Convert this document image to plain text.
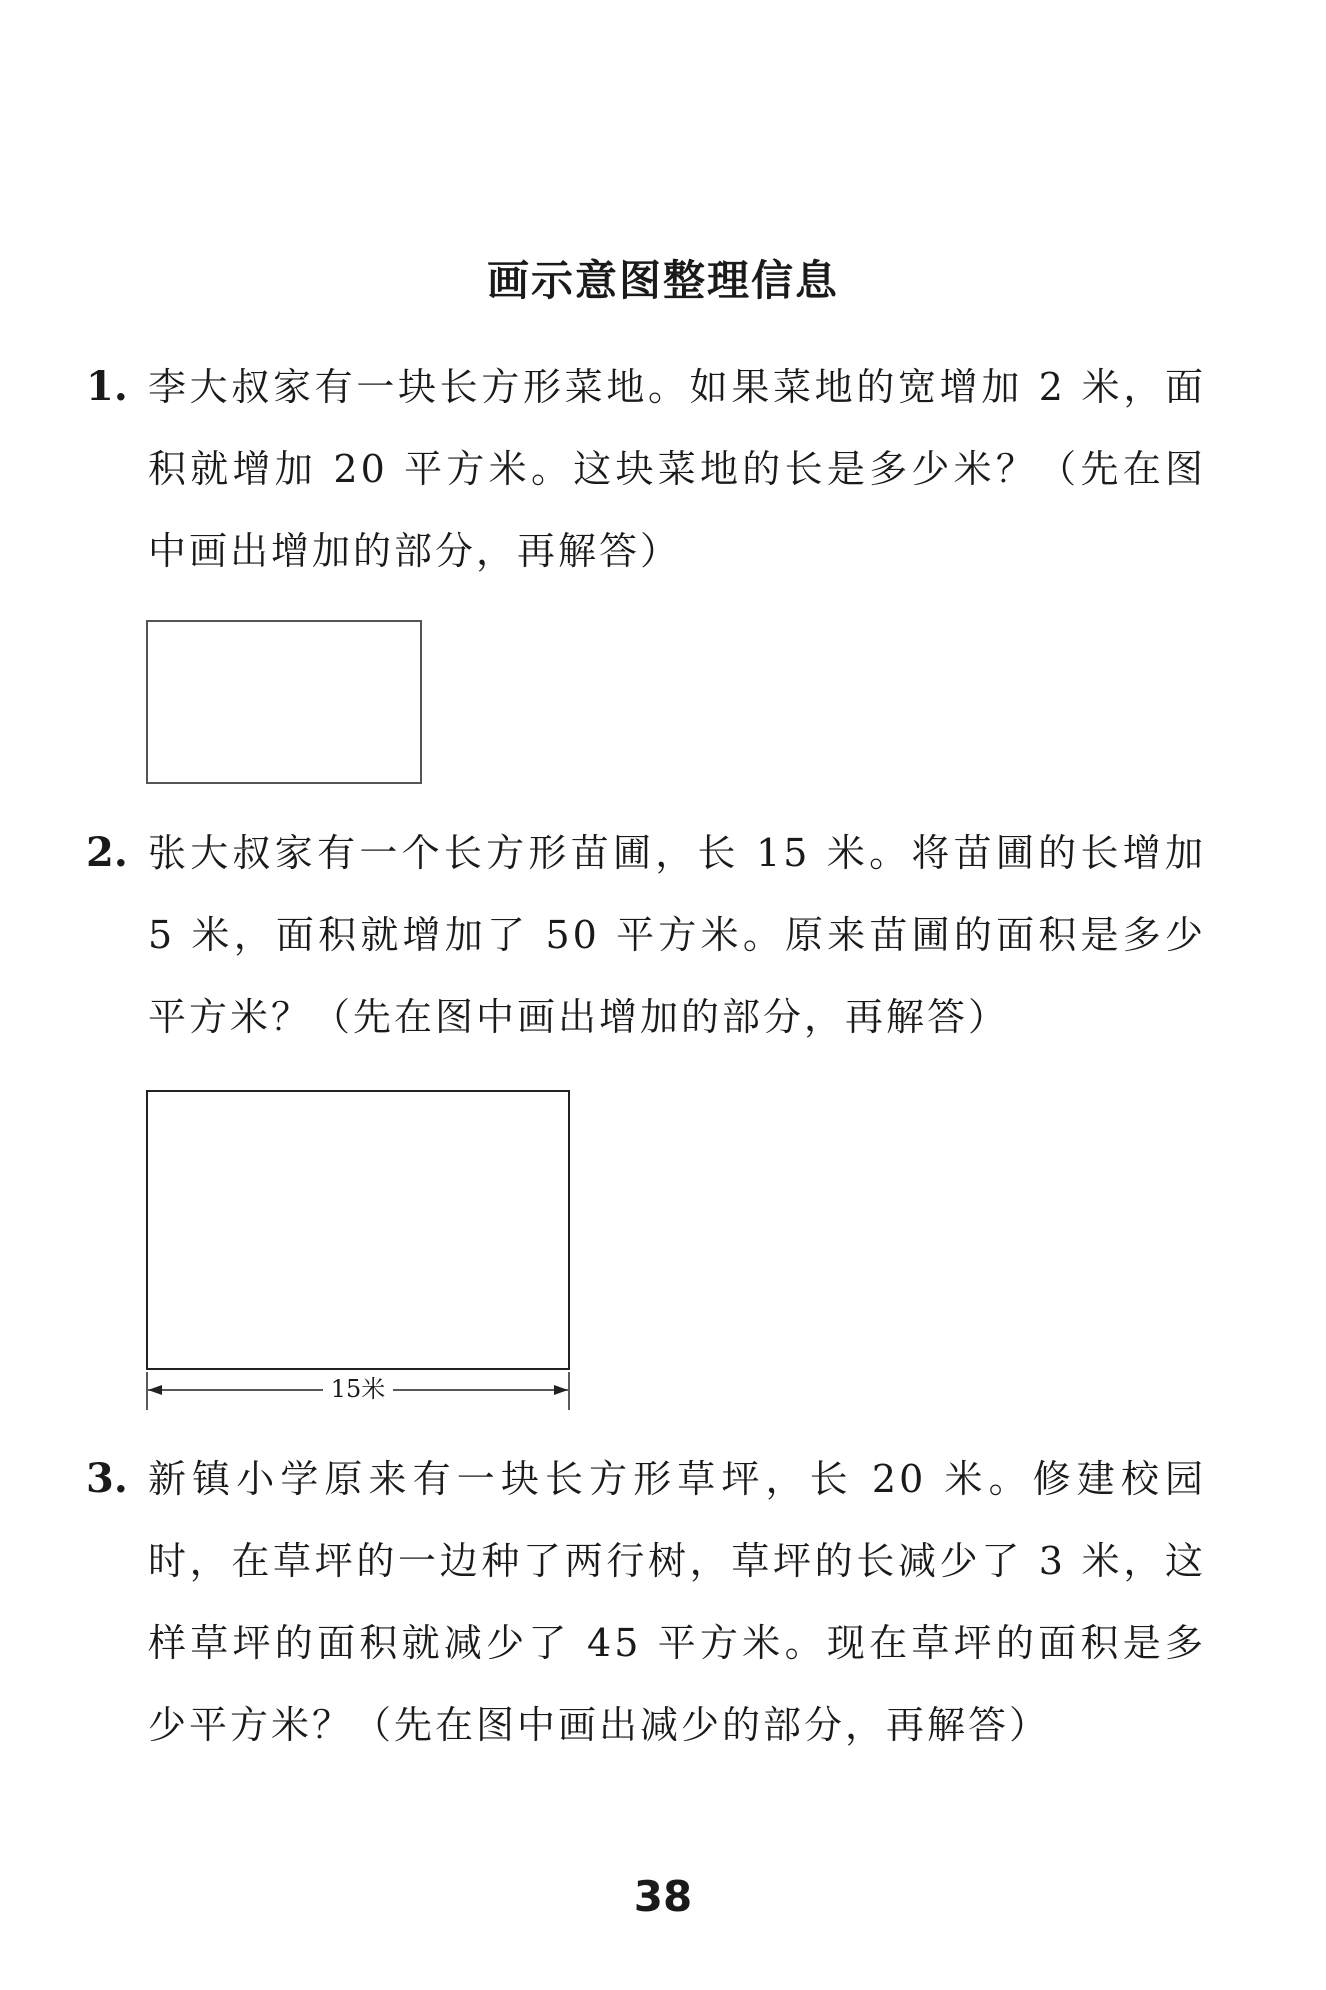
画示意图整理信息
1. 李大叔家有一块长方形菜地。如果菜地的宽增加 2 米，面积就增加 20 平方米。这块菜地的长是多少米？（先在图中画出增加的部分，再解答）
2. 张大叔家有一个长方形苗圃，长 15 米。将苗圃的长增加 5 米，面积就增加了 50 平方米。原来苗圃的面积是多少平方米？（先在图中画出增加的部分，再解答）
15米
3. 新镇小学原来有一块长方形草坪，长 20 米。修建校园时，在草坪的一边种了两行树，草坪的长减少了 3 米，这样草坪的面积就减少了 45 平方米。现在草坪的面积是多少平方米？（先在图中画出减少的部分，再解答）
38
